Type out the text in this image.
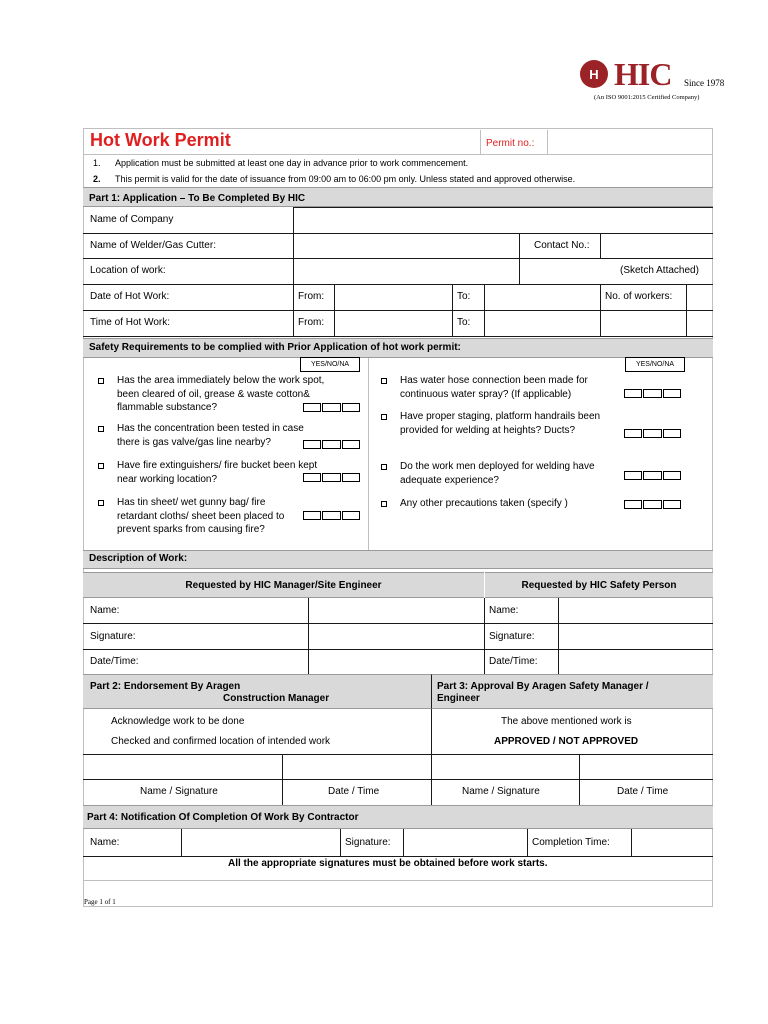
H HIC Since 1978
(An ISO 9001:2015 Certified Company)
Hot Work Permit	Permit no.:
1. Application must be submitted at least one day in advance prior to work commencement.
2. This permit is valid for the date of issuance from 09:00 am to 06:00 pm only. Unless stated and approved otherwise.
Part 1: Application – To Be Completed By HIC
Name of Company
Name of Welder/Gas Cutter:	Contact No.:
Location of work:	(Sketch Attached)
Date of Hot Work:	From:	To:	No. of workers:
Time of Hot Work:	From:	To:
Safety Requirements to be complied with Prior Application of hot work permit:
YES/NO/NA	YES/NO/NA
Has the area immediately below the work spot, been cleared of oil, grease & waste cotton& flammable substance?
Has the concentration been tested in case there is gas valve/gas line nearby?
Have fire extinguishers/ fire bucket been kept near working location?
Has tin sheet/ wet gunny bag/ fire retardant cloths/ sheet been placed to prevent sparks from causing fire?
Has water hose connection been made for continuous water spray? (If applicable)
Have proper staging, platform handrails been provided for welding at heights? Ducts?
Do the work men deployed for welding have adequate experience?
Any other precautions taken (specify )
Description of Work:
Requested by HIC Manager/Site Engineer	Requested by HIC Safety Person
Name:
Signature:
Date/Time:
Name:
Signature:
Date/Time:
Part 2: Endorsement By Aragen
Construction Manager
Part 3: Approval By Aragen Safety Manager /
Engineer
Acknowledge work to be done
Checked and confirmed location of intended work
The above mentioned work is
APPROVED / NOT APPROVED
Name / Signature	Date / Time	Name / Signature	Date / Time
Part 4: Notification Of Completion Of Work By Contractor
Name:	Signature:	Completion Time:
All the appropriate signatures must be obtained before work starts.
Page 1 of 1
